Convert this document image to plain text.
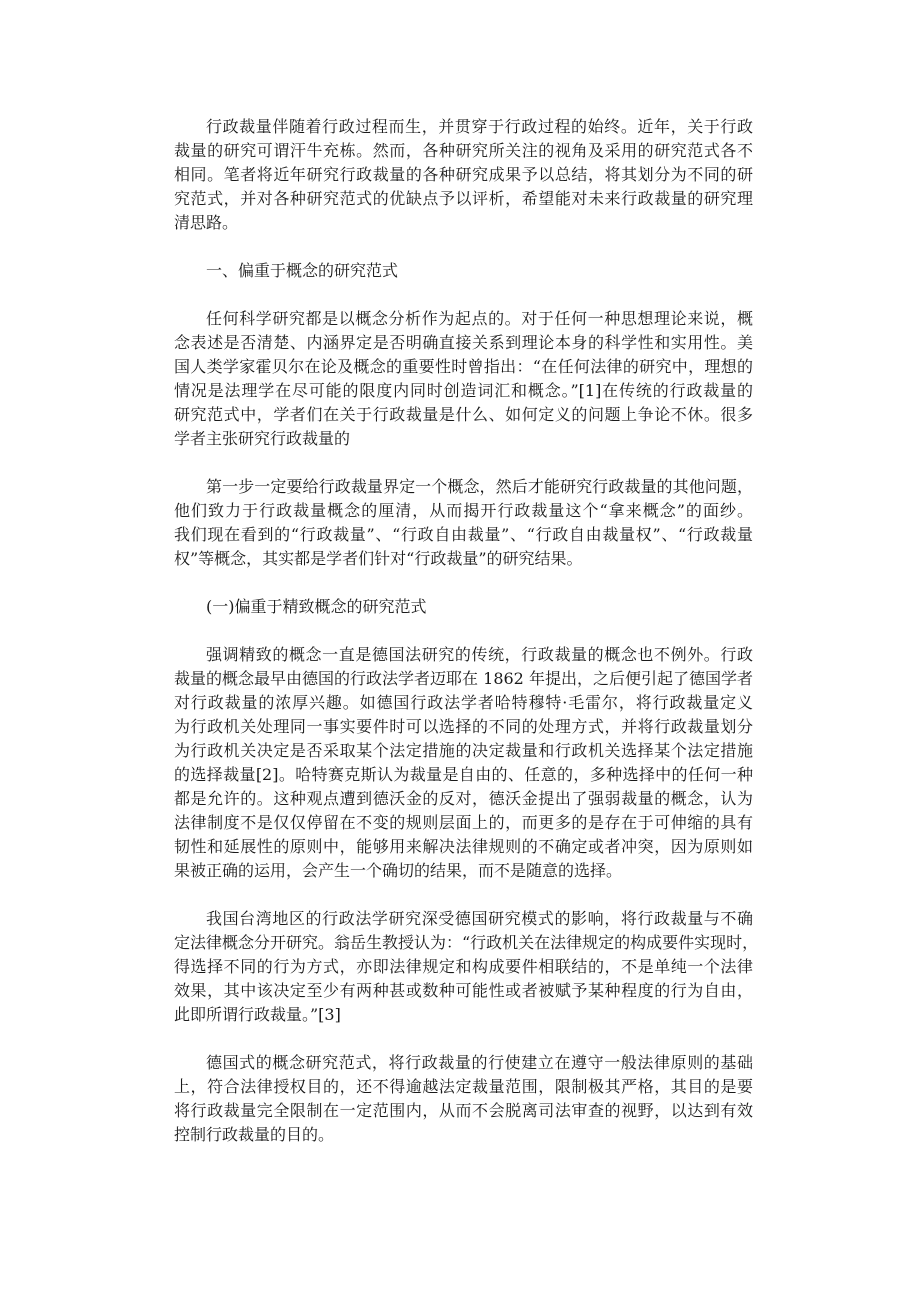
行政裁量伴随着行政过程而生，并贯穿于行政过程的始终。近年，关于行政
裁量的研究可谓汗牛充栋。然而，各种研究所关注的视角及采用的研究范式各不
相同。笔者将近年研究行政裁量的各种研究成果予以总结，将其划分为不同的研
究范式，并对各种研究范式的优缺点予以评析，希望能对未来行政裁量的研究理
清思路。
一、偏重于概念的研究范式
任何科学研究都是以概念分析作为起点的。对于任何一种思想理论来说，概
念表述是否清楚、内涵界定是否明确直接关系到理论本身的科学性和实用性。美
国人类学家霍贝尔在论及概念的重要性时曾指出：“在任何法律的研究中，理想的
情况是法理学在尽可能的限度内同时创造词汇和概念。”[1]在传统的行政裁量的
研究范式中，学者们在关于行政裁量是什么、如何定义的问题上争论不休。很多
学者主张研究行政裁量的
第一步一定要给行政裁量界定一个概念，然后才能研究行政裁量的其他问题，
他们致力于行政裁量概念的厘清，从而揭开行政裁量这个“拿来概念”的面纱。
我们现在看到的“行政裁量”、“行政自由裁量”、“行政自由裁量权”、“行政裁量
权”等概念，其实都是学者们针对“行政裁量”的研究结果。
(一)偏重于精致概念的研究范式
强调精致的概念一直是德国法研究的传统，行政裁量的概念也不例外。行政
裁量的概念最早由德国的行政法学者迈耶在 1862 年提出，之后便引起了德国学者
对行政裁量的浓厚兴趣。如德国行政法学者哈特穆特·毛雷尔，将行政裁量定义
为行政机关处理同一事实要件时可以选择的不同的处理方式，并将行政裁量划分
为行政机关决定是否采取某个法定措施的决定裁量和行政机关选择某个法定措施
的选择裁量[2]。哈特赛克斯认为裁量是自由的、任意的，多种选择中的任何一种
都是允许的。这种观点遭到德沃金的反对，德沃金提出了强弱裁量的概念，认为
法律制度不是仅仅停留在不变的规则层面上的，而更多的是存在于可伸缩的具有
韧性和延展性的原则中，能够用来解决法律规则的不确定或者冲突，因为原则如
果被正确的运用，会产生一个确切的结果，而不是随意的选择。
我国台湾地区的行政法学研究深受德国研究模式的影响，将行政裁量与不确
定法律概念分开研究。翁岳生教授认为：“行政机关在法律规定的构成要件实现时，
得选择不同的行为方式，亦即法律规定和构成要件相联结的，不是单纯一个法律
效果，其中该决定至少有两种甚或数种可能性或者被赋予某种程度的行为自由，
此即所谓行政裁量。”[3]
德国式的概念研究范式，将行政裁量的行使建立在遵守一般法律原则的基础
上，符合法律授权目的，还不得逾越法定裁量范围，限制极其严格，其目的是要
将行政裁量完全限制在一定范围内，从而不会脱离司法审查的视野，以达到有效
控制行政裁量的目的。
